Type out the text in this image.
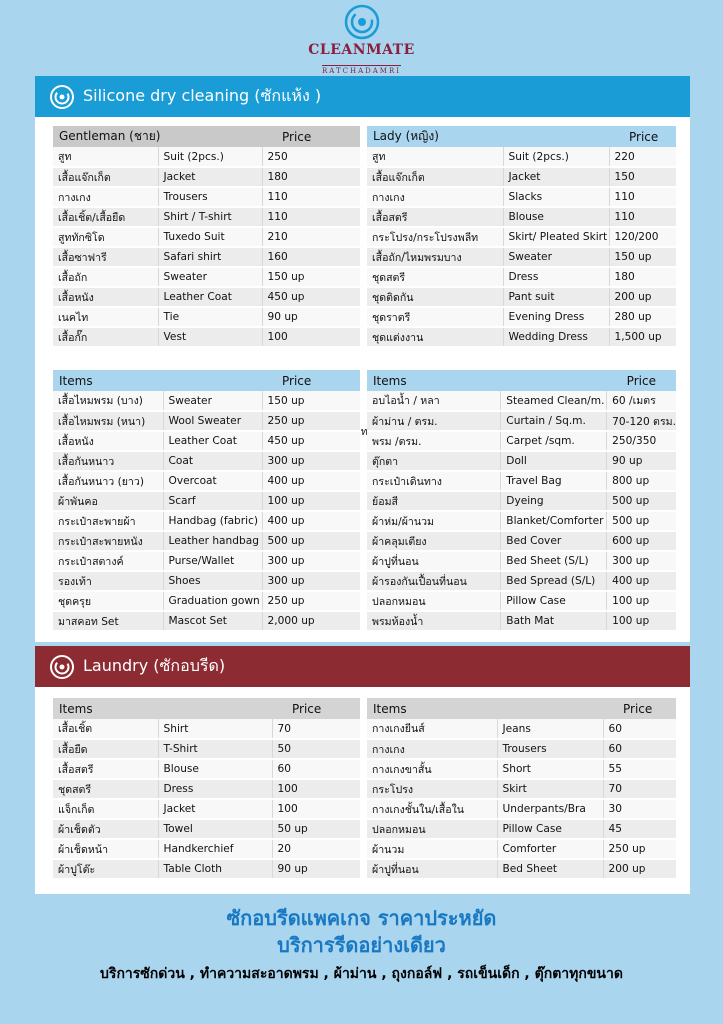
CLEANMATE
RATCHADAMRI
Silicone dry cleaning (ซักแห้ง )
Gentleman (ชาย)		Price
สูท	Suit (2pcs.)	250
เสื้อแจ๊กเก็ต	Jacket	180
กางเกง	Trousers	110
เสื้อเชิ้ต/เสื้อยืด	Shirt / T-shirt	110
สูททักซิโด	Tuxedo Suit	210
เสื้อซาฟารี	Safari shirt	160
เสื้อถัก	Sweater	150 up
เสื้อหนัง	Leather Coat	450 up
เนคไท	Tie	90 up
เสื้อกั๊ก	Vest	100
Lady (หญิง)		Price
สูท	Suit (2pcs.)	220
เสื้อแจ๊กเก็ต	Jacket	150
กางเกง	Slacks	110
เสื้อสตรี	Blouse	110
กระโปรง/กระโปรงพลีท	Skirt/ Pleated Skirt	120/200
เสื้อถัก/ไหมพรมบาง	Sweater	150 up
ชุดสตรี	Dress	180
ชุดติดกัน	Pant suit	200 up
ชุดราตรี	Evening Dress	280 up
ชุดแต่งงาน	Wedding Dress	1,500 up
Items		Price
เสื้อไหมพรม (บาง)	Sweater	150 up
เสื้อไหมพรม (หนา)	Wool Sweater	250 up
เสื้อหนัง	Leather Coat	450 up
เสื้อกันหนาว	Coat	300 up
เสื้อกันหนาว (ยาว)	Overcoat	400 up
ผ้าพันคอ	Scarf	100 up
กระเป๋าสะพายผ้า	Handbag (fabric)	400 up
กระเป๋าสะพายหนัง	Leather handbag	500 up
กระเป๋าสตางค์	Purse/Wallet	300 up
รองเท้า	Shoes	300 up
ชุดครุย	Graduation gown	250 up
มาสคอท Set	Mascot Set	2,000 up
Items		Price
อบไอน้ำ / หลา	Steamed Clean/m.	60 /เมตร
ผ้าม่าน / ตรม.	Curtain / Sq.m.	70-120 ตรม.
พรม /ตรม.	Carpet /sqm.	250/350
ตุ๊กตา	Doll	90 up
กระเป๋าเดินทาง	Travel Bag	800 up
ย้อมสี	Dyeing	500 up
ผ้าห่ม/ผ้านวม	Blanket/Comforter	500 up
ผ้าคลุมเตียง	Bed Cover	600 up
ผ้าปูที่นอน	Bed Sheet (S/L)	300 up
ผ้ารองกันเปื้อนที่นอน	Bed Spread (S/L)	400 up
ปลอกหมอน	Pillow Case	100 up
พรมห้องน้ำ	Bath Mat	100 up
Laundry (ซักอบรีด)
Items		Price
เสื้อเชิ้ต	Shirt	70
เสื้อยืด	T-Shirt	50
เสื้อสตรี	Blouse	60
ชุดสตรี	Dress	100
แจ็กเก็ต	Jacket	100
ผ้าเช็ดตัว	Towel	50 up
ผ้าเช็ดหน้า	Handkerchief	20
ผ้าปูโต๊ะ	Table Cloth	90 up
Items		Price
กางเกงยีนส์	Jeans	60
กางเกง	Trousers	60
กางเกงขาสั้น	Short	55
กระโปรง	Skirt	70
กางเกงชั้นใน/เสื้อใน	Underpants/Bra	30
ปลอกหมอน	Pillow Case	45
ผ้านวม	Comforter	250 up
ผ้าปูที่นอน	Bed Sheet	200 up
ซักอบรีดแพคเกจ ราคาประหยัด
บริการรีดอย่างเดียว
บริการซักด่วน , ทำความสะอาดพรม , ผ้าม่าน , ถุงกอล์ฟ , รถเข็นเด็ก , ตุ๊กตาทุกขนาด
